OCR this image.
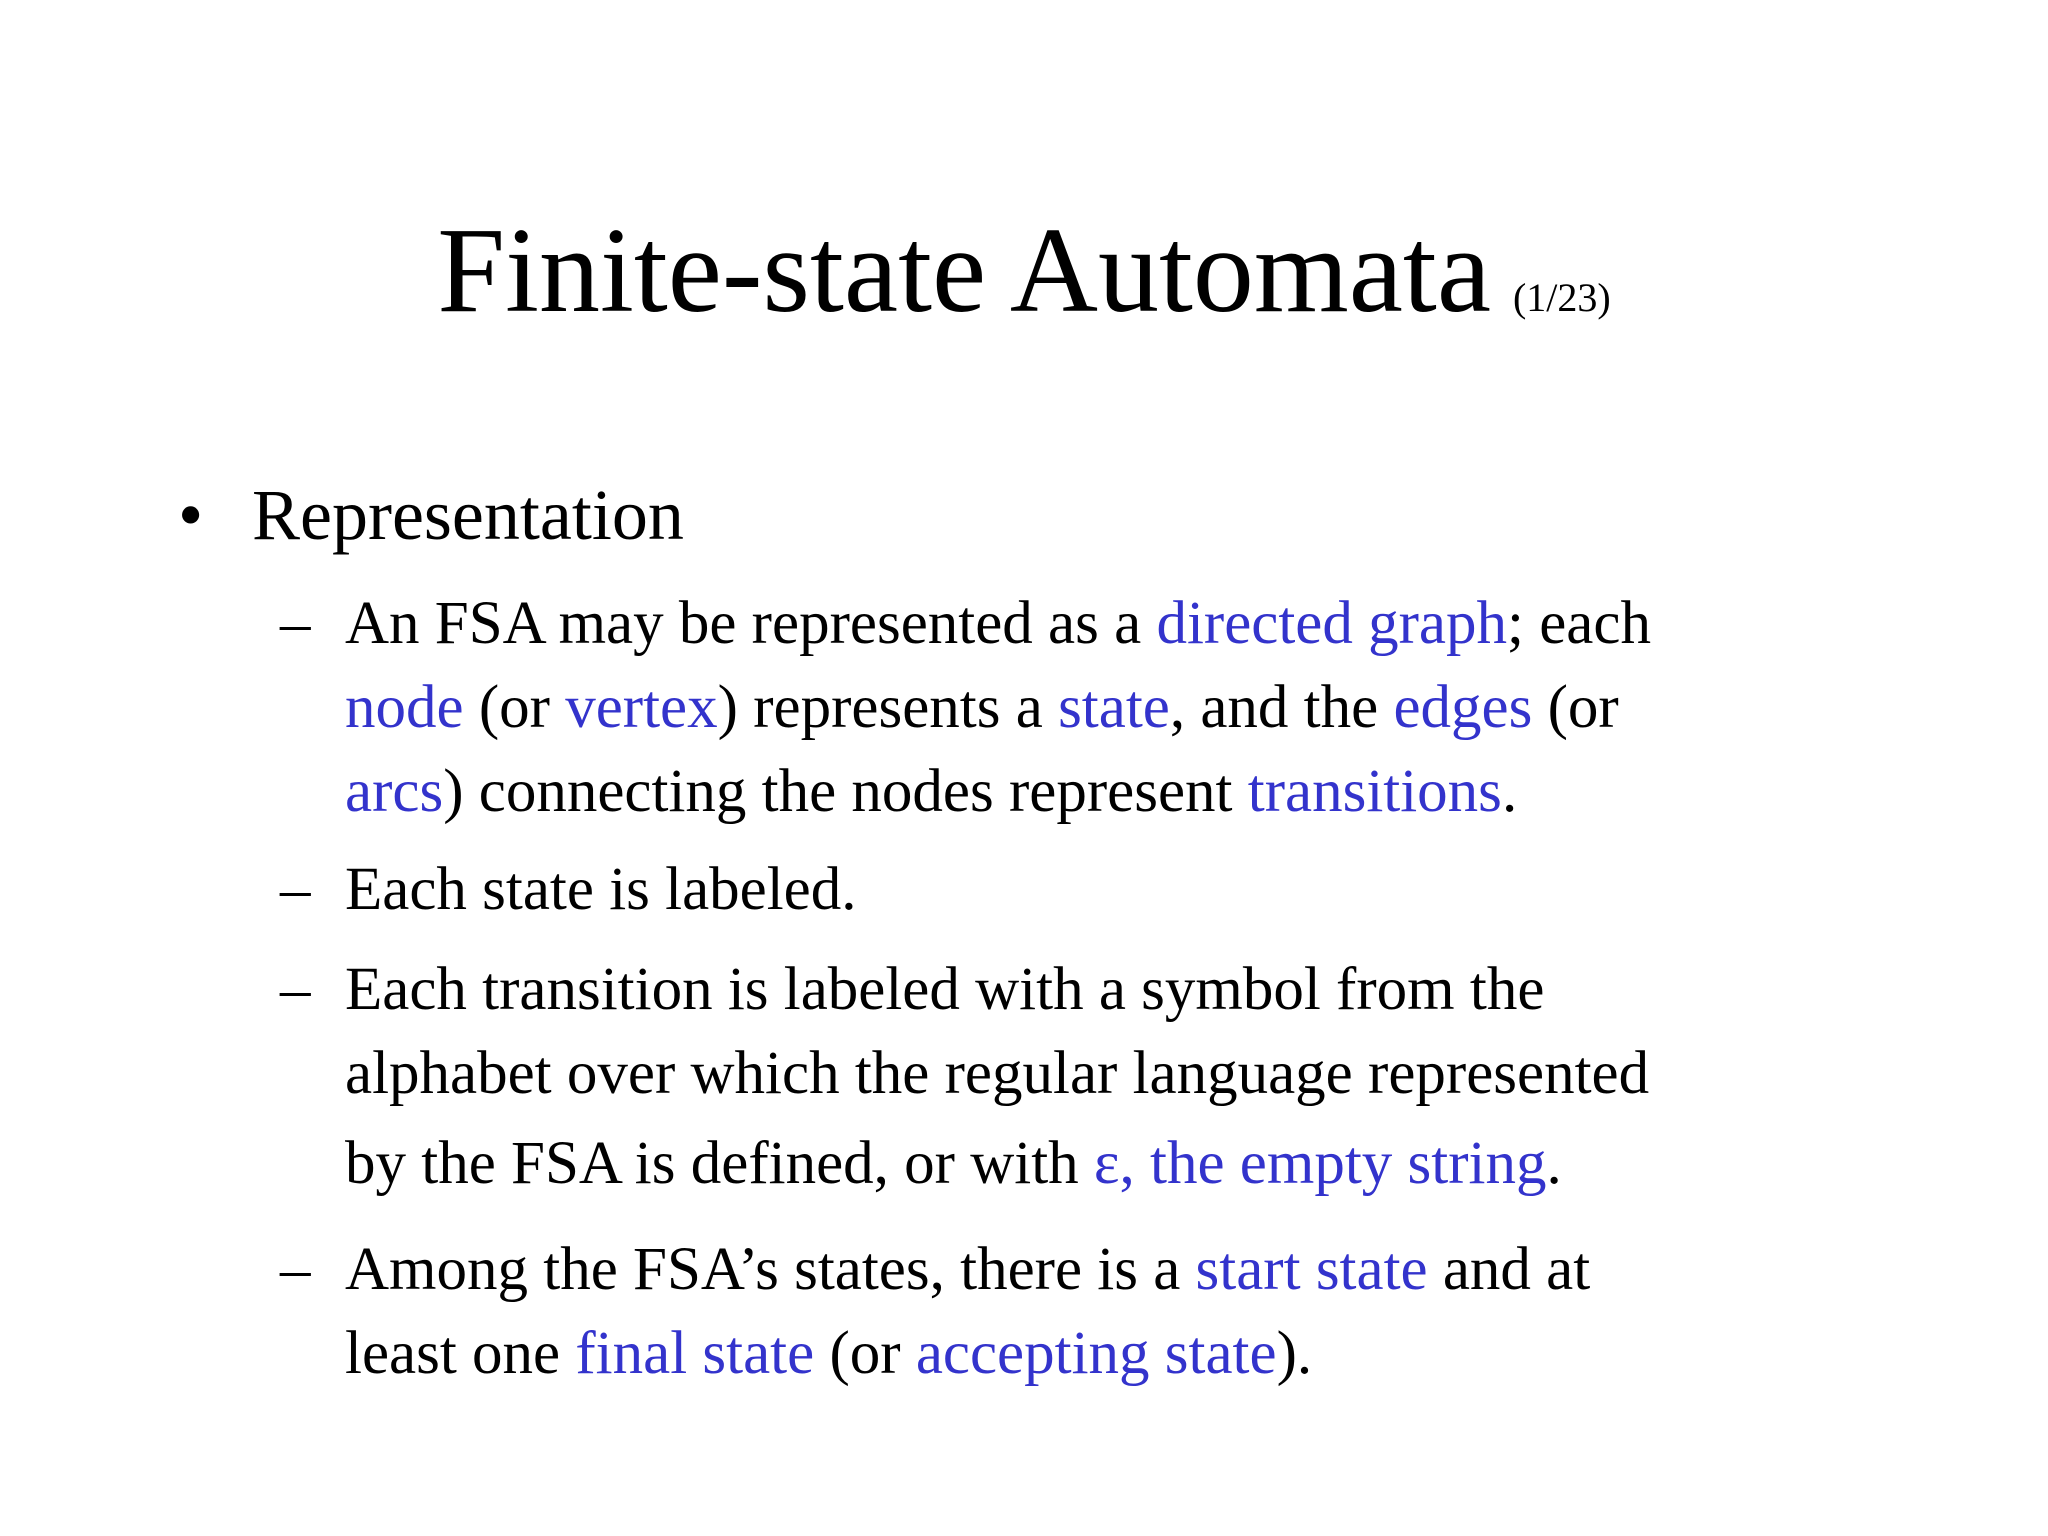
Finite-state Automata (1/23)
• Representation
– An FSA may be represented as a directed graph; each
node (or vertex) represents a state, and the edges (or
arcs) connecting the nodes represent transitions.
– Each state is labeled.
– Each transition is labeled with a symbol from the
alphabet over which the regular language represented
by the FSA is defined, or with ε, the empty string.
– Among the FSA’s states, there is a start state and at
least one final state (or accepting state).
